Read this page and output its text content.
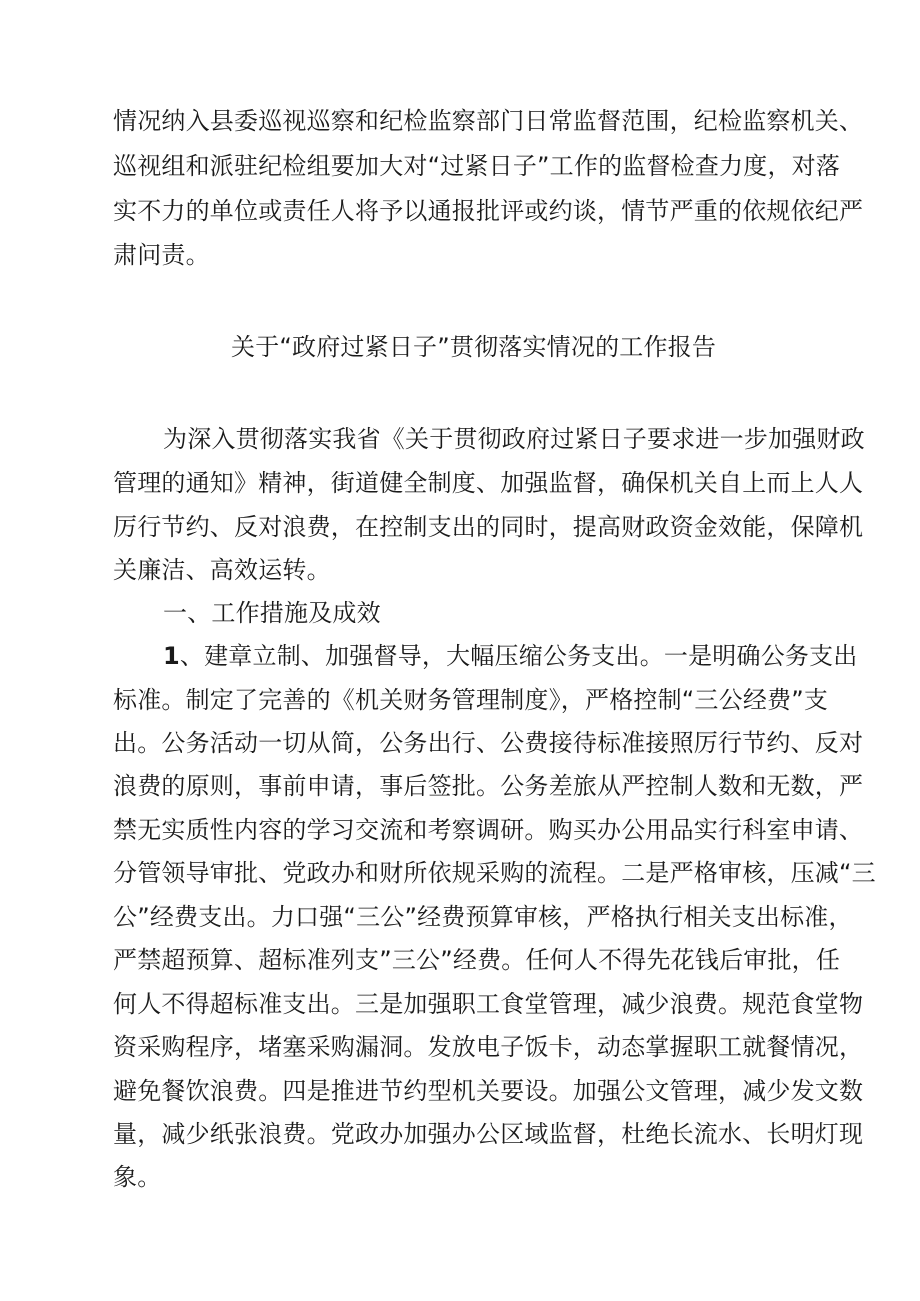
情况纳入县委巡视巡察和纪检监察部门日常监督范围，纪检监察机关、
巡视组和派驻纪检组要加大对“过紧日子”工作的监督检查力度，对落
实不力的单位或责任人将予以通报批评或约谈，情节严重的依规依纪严
肃问责。
关于“政府过紧日子”贯彻落实情况的工作报告
为深入贯彻落实我省《关于贯彻政府过紧日子要求进一步加强财政
管理的通知》精神，街道健全制度、加强监督，确保机关自上而上人人
厉行节约、反对浪费，在控制支出的同时，提高财政资金效能，保障机
关廉洁、高效运转。
一、工作措施及成效
1、建章立制、加强督导，大幅压缩公务支出。一是明确公务支出
标准。制定了完善的《机关财务管理制度》，严格控制“三公经费”支
出。公务活动一切从简，公务出行、公费接待标准接照厉行节约、反对
浪费的原则，事前申请，事后签批。公务差旅从严控制人数和无数，严
禁无实质性内容的学习交流和考察调研。购买办公用品实行科室申请、
分管领导审批、党政办和财所依规采购的流程。二是严格审核，压减“三
公”经费支出。力口强“三公”经费预算审核，严格执行相关支出标准，
严禁超预算、超标准列支”三公”经费。任何人不得先花钱后审批，任
何人不得超标准支出。三是加强职工食堂管理，减少浪费。规范食堂物
资采购程序，堵塞采购漏洞。发放电子饭卡，动态掌握职工就餐情况，
避免餐饮浪费。四是推进节约型机关要设。加强公文管理，减少发文数
量，减少纸张浪费。党政办加强办公区域监督，杜绝长流水、长明灯现
象。
